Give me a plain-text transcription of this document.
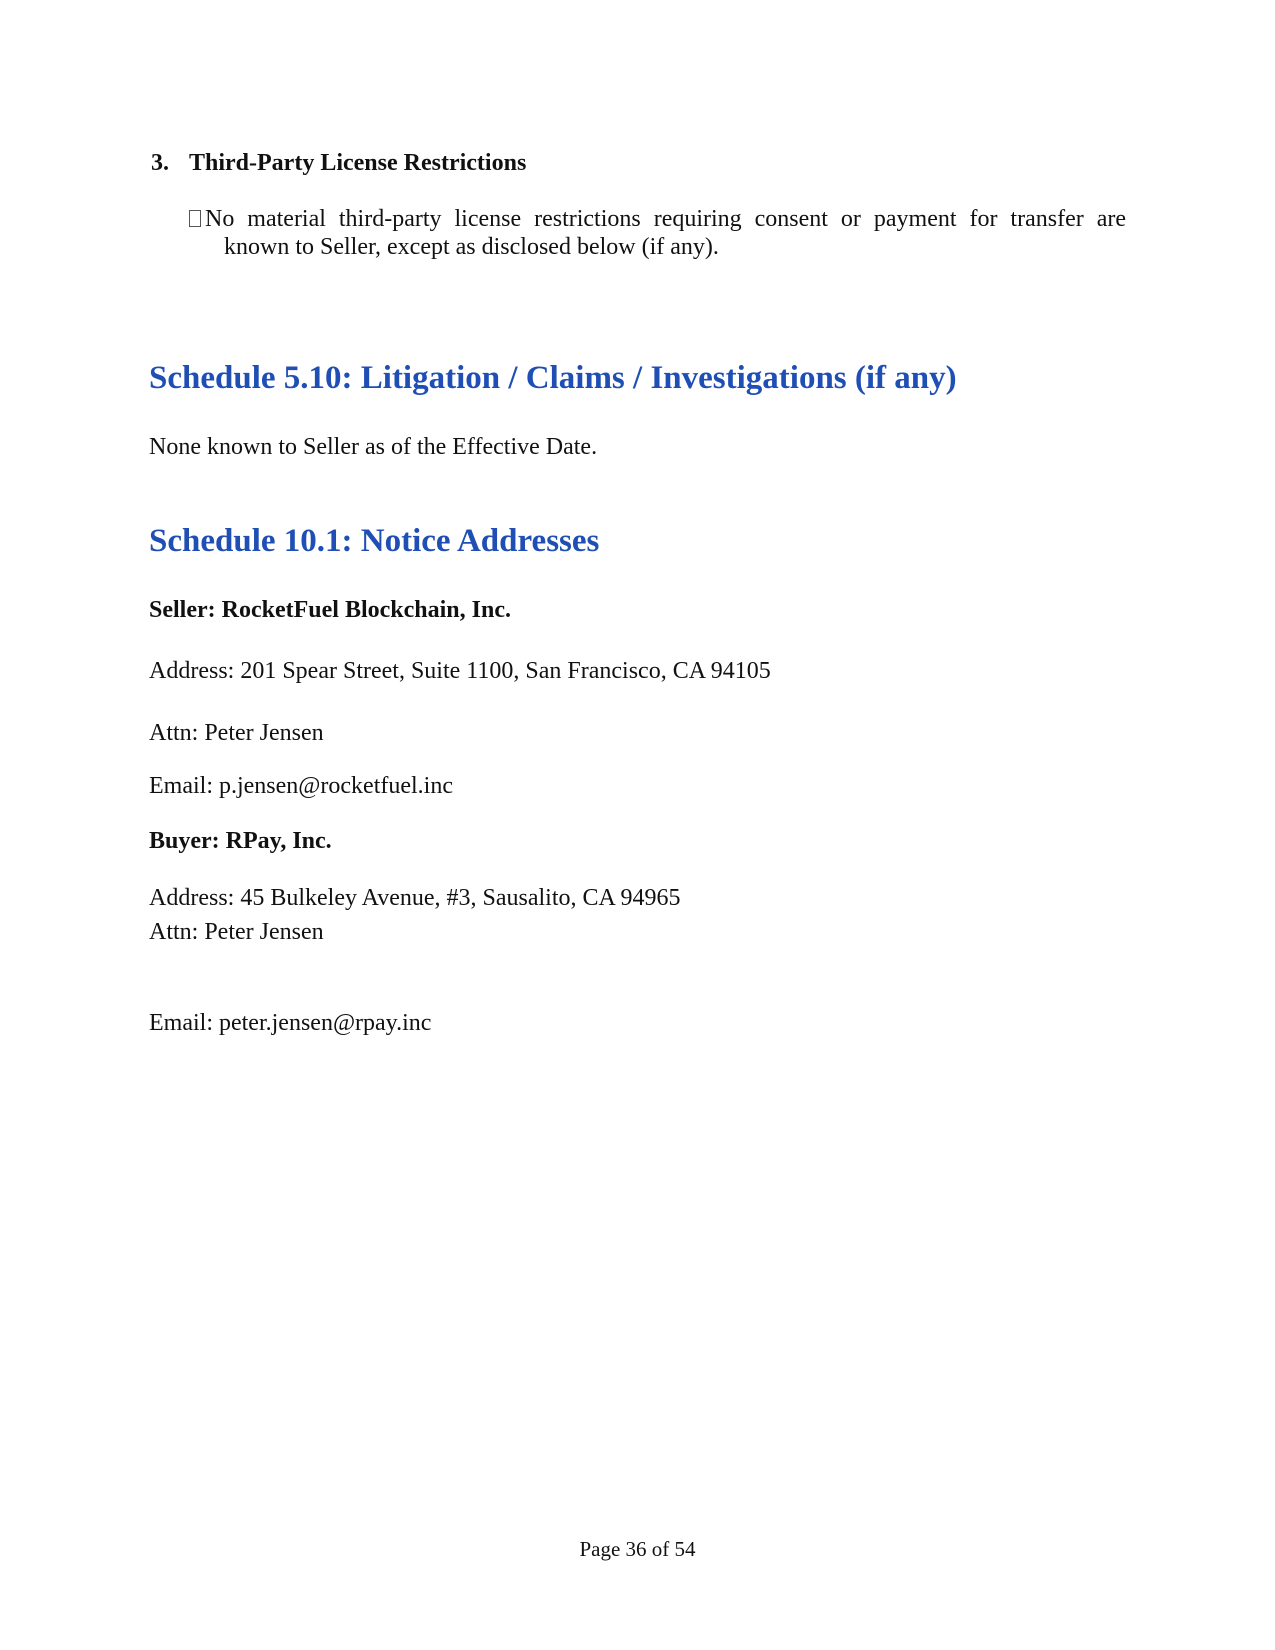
3. Third-Party License Restrictions
No material third-party license restrictions requiring consent or payment for transfer are
known to Seller, except as disclosed below (if any).
Schedule 5.10: Litigation / Claims / Investigations (if any)
None known to Seller as of the Effective Date.
Schedule 10.1: Notice Addresses
Seller: RocketFuel Blockchain, Inc.
Address: 201 Spear Street, Suite 1100, San Francisco, CA 94105
Attn: Peter Jensen
Email: p.jensen@rocketfuel.inc
Buyer: RPay, Inc.
Address: 45 Bulkeley Avenue, #3, Sausalito, CA 94965
Attn: Peter Jensen
Email: peter.jensen@rpay.inc
Page 36 of 54
